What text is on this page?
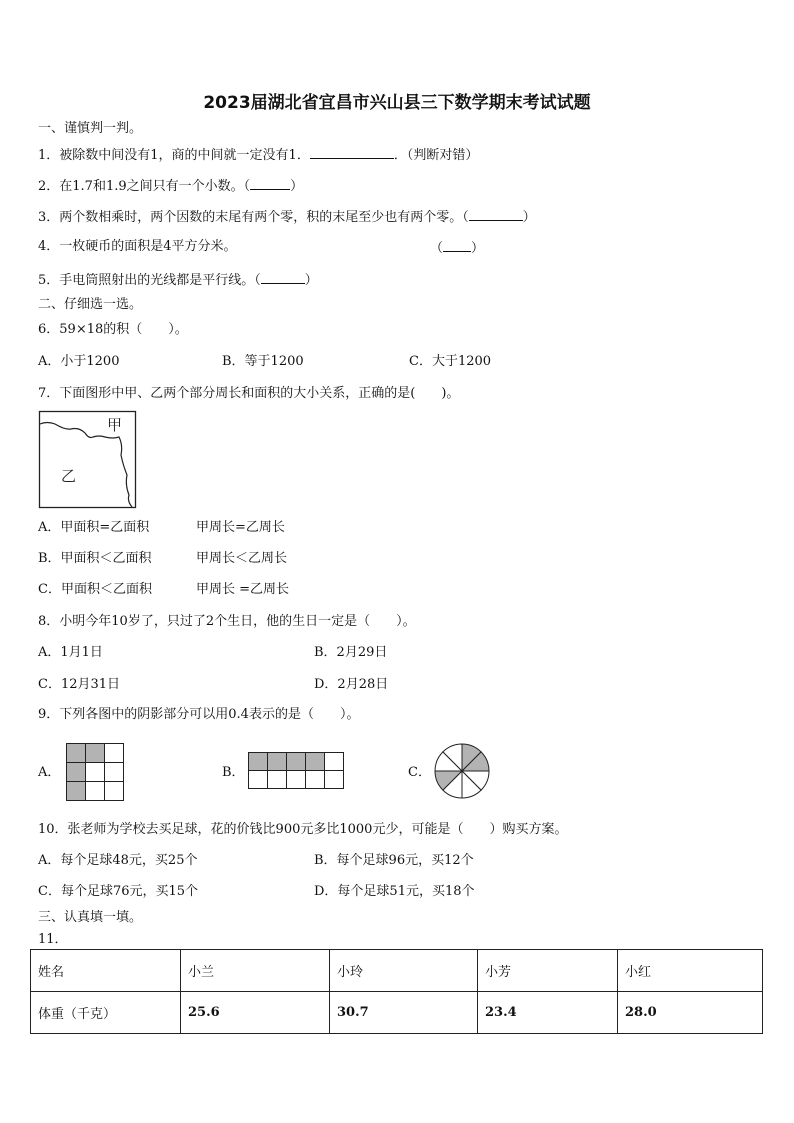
2023届湖北省宜昌市兴山县三下数学期末考试试题
一、谨慎判一判。
1．被除数中间没有1，商的中间就一定没有1．	．（判断对错）
2．在1.7和1.9之间只有一个小数。（	）
3．两个数相乘时，两个因数的末尾有两个零，积的末尾至少也有两个零。（	）
4．一枚硬币的面积是4平方分米。	（ ）
5．手电筒照射出的光线都是平行线。（	）
二、仔细选一选。
6．59×18的积（　　）。
A．小于1200	B．等于1200	C．大于1200
7．下面图形中甲、乙两个部分周长和面积的大小关系，正确的是(　　)。
甲
乙
A．甲面积=乙面积	甲周长=乙周长
B．甲面积＜乙面积	甲周长＜乙周长
C．甲面积＜乙面积	甲周长 =乙周长
8．小明今年10岁了，只过了2个生日，他的生日一定是（　　）。
A．1月1日	B．2月29日
C．12月31日	D．2月28日
9．下列各图中的阴影部分可以用0.4表示的是（　　）。
A．	B．	C．
10．张老师为学校去买足球，花的价钱比900元多比1000元少，可能是（　　）购买方案。
A．每个足球48元，买25个	B．每个足球96元，买12个
C．每个足球76元，买15个	D．每个足球51元，买18个
三、认真填一填。
11．
姓名	小兰	小玲	小芳	小红
体重（千克）	25.6	30.7	23.4	28.0
